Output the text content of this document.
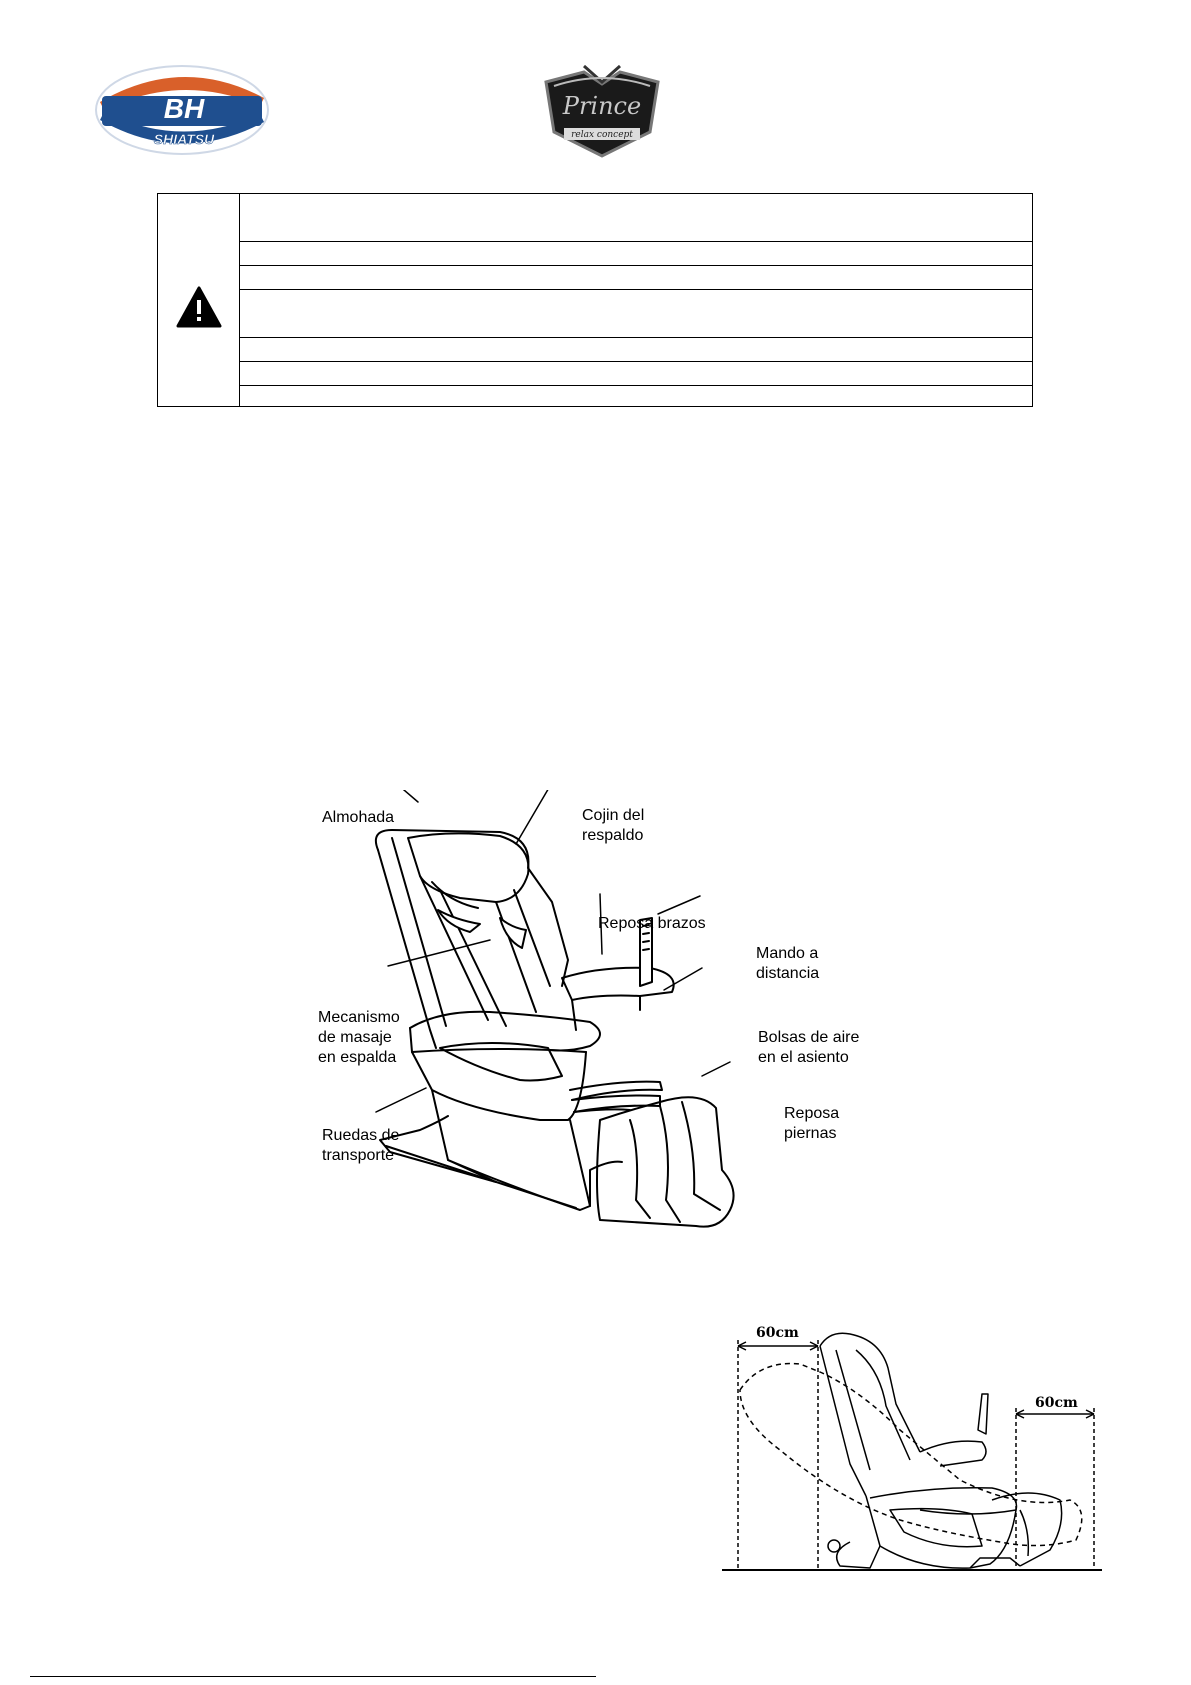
BH
SHIATSU
Prince
relax concept
Almohada	Cojin del
respaldo
Reposa brazos
Mando a
distancia
Mecanismo
de masaje
en espalda
Bolsas de aire
en el asiento
Ruedas de
transporte
Reposa
piernas
60cm
60cm
